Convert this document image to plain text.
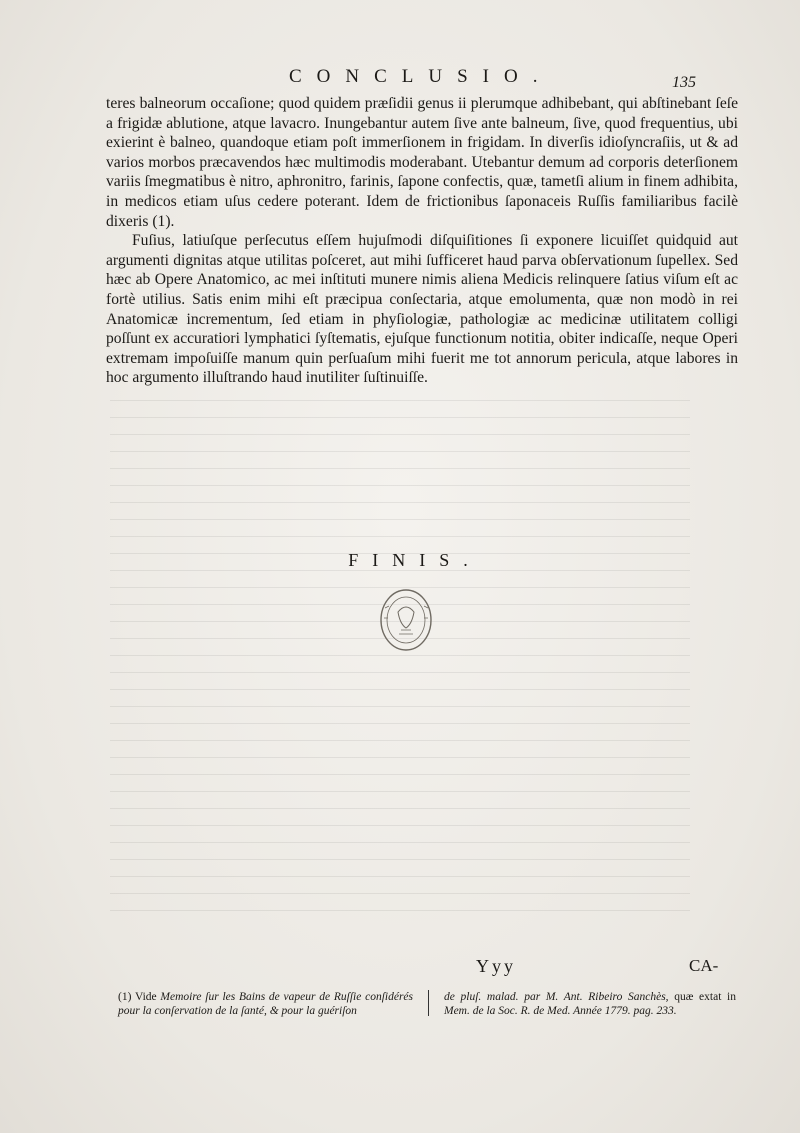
CONCLUSIO.	135

teres balneorum occaſione; quod quidem præſidii genus ii plerumque adhibebant, qui abſtinebant ſeſe a frigidæ ablutione, atque lavacro. Inungebantur autem ſive ante balneum, ſive, quod frequentius, ubi exierint è balneo, quandoque etiam poſt immerſionem in frigidam. In diverſis idioſyncraſiis, ut & ad varios morbos præcavendos hæc multimodis moderabant. Utebantur demum ad corporis deterſionem variis ſmegmatibus è nitro, aphronitro, farinis, ſapone confectis, quæ, tametſi alium in finem adhibita, in medicos etiam uſus cedere poterant. Idem de frictionibus ſaponaceis Ruſſis familiaribus facilè dixeris (1).

Fuſius, latiuſque perſecutus eſſem hujuſmodi diſquiſitiones ſi exponere licuiſſet quidquid aut argumenti dignitas atque utilitas poſceret, aut mihi ſufficeret haud parva obſervationum ſupellex. Sed hæc ab Opere Anatomico, ac mei inſtituti munere nimis aliena Medicis relinquere ſatius viſum eſt ac fortè utilius. Satis enim mihi eſt præcipua conſectaria, atque emolumenta, quæ non modò in rei Anatomicæ incrementum, ſed etiam in phyſiologiæ, pathologiæ ac medicinæ utilitatem colligi poſſunt ex accuratiori lymphatici ſyſtematis, ejuſque functionum notitia, obiter indicaſſe, neque Operi extremam impoſuiſſe manum quin perſuaſum mihi fuerit me tot annorum pericula, atque labores in hoc argumento illuſtrando haud inutiliter ſuſtinuiſſe.

FINIS.
Yyy	CA-
(1) Vide Memoire ſur les Bains de vapeur de Ruſſie conſidérés pour la conſervation de la ſanté, & pour la guériſon
de pluſ. malad. par M. Ant. Ribeiro Sanchès, quæ extat in Mem. de la Soc. R. de Med. Année 1779. pag. 233.
